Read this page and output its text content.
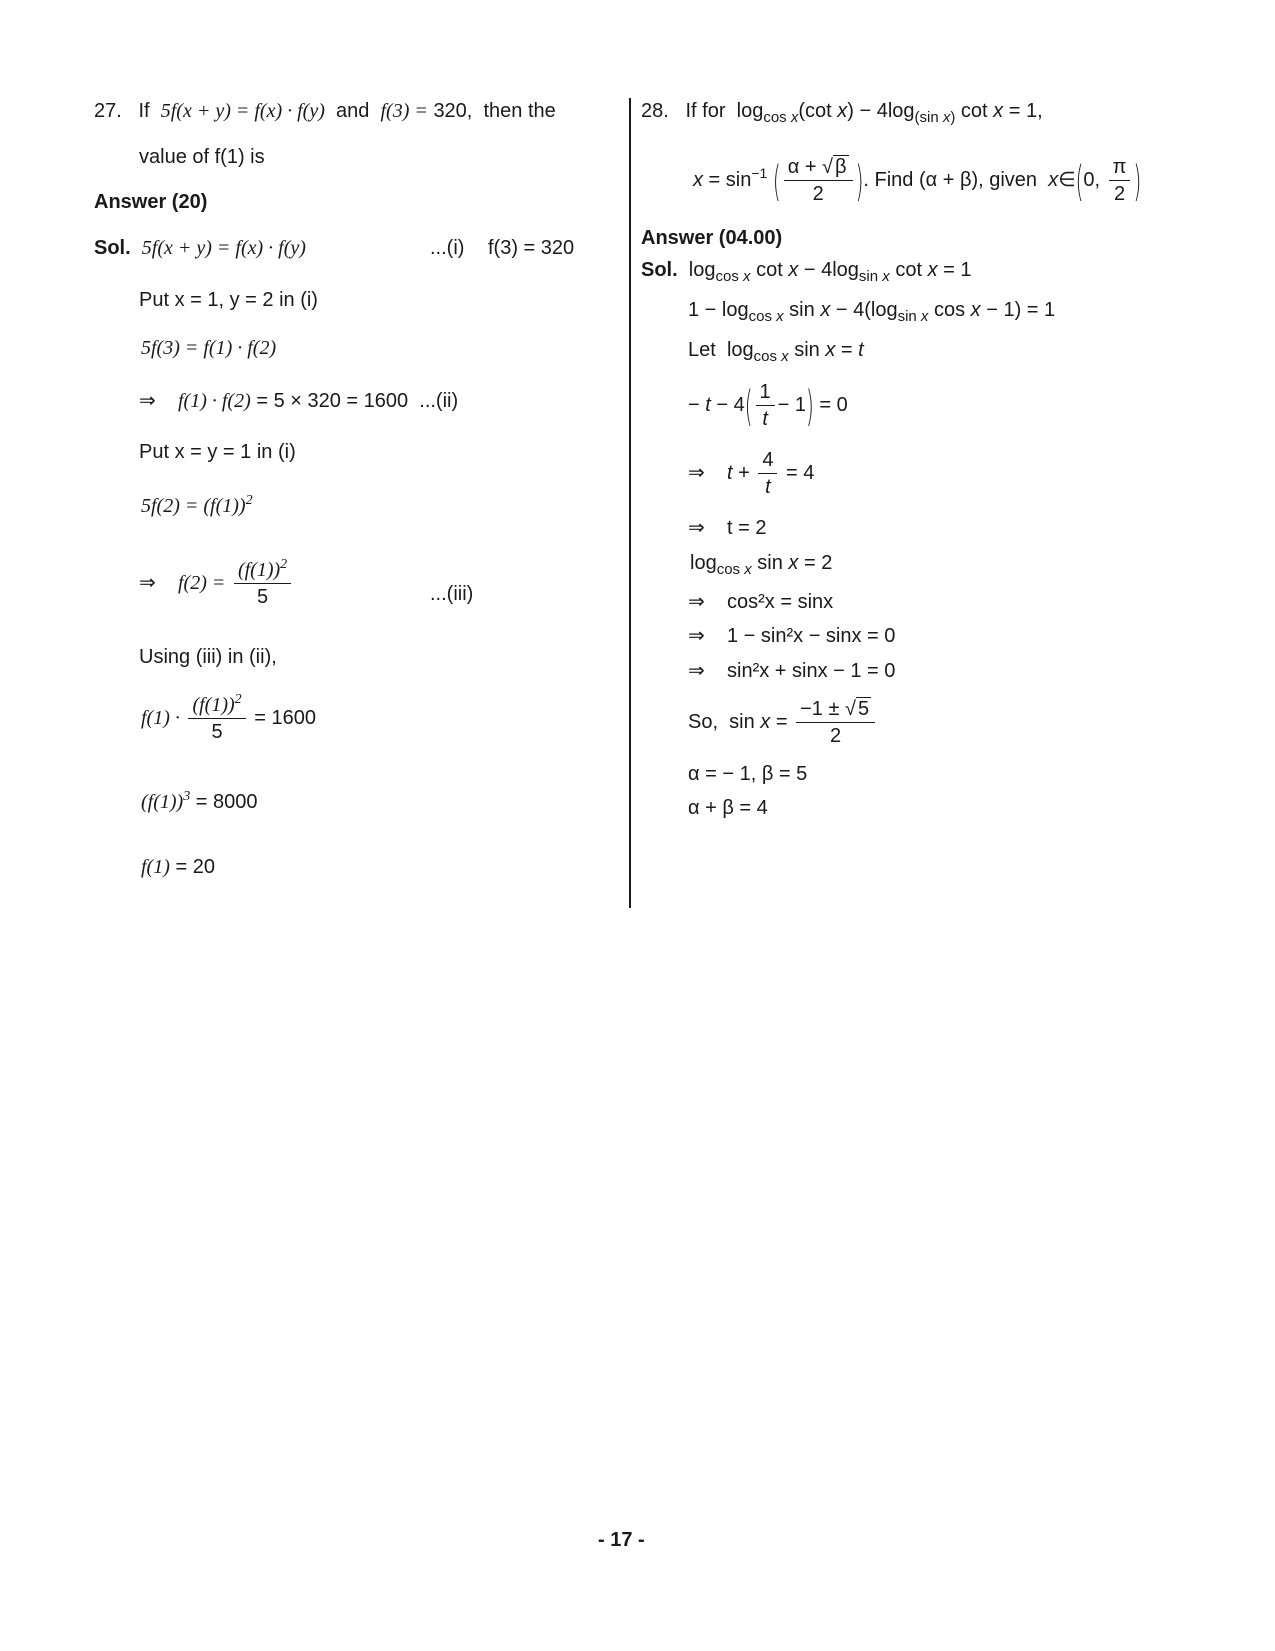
27. If 5f(x + y) = f(x) · f(y) and f(3) = 320, then the
value of f(1) is
Answer (20)
Sol. 5f(x + y) = f(x) · f(y)	...(i) f(3) = 320
Put x = 1, y = 2 in (i)
5f(3) = f(1) · f(2)
⇒ f(1) · f(2) = 5 × 320 = 1600 ...(ii)
Put x = y = 1 in (i)
$5f(2) = (f(1))^2$
⇒ $f(2) = \frac{(f(1))^2}{5}$	...(iii)
Using (iii) in (ii),
$f(1) \cdot \frac{(f(1))^2}{5} = 1600$
$(f(1))^3 = 8000$
f(1) = 20
28. If for $\log_{cos x}(\cot$ $x) - 4\log_{(sin x)}$ cot x = 1,
$x = \sin^{-1}$ ( $\frac{\alpha + √ \beta}{2}$ ). Find (α + β), given x∈(0, $\frac{\pi}{2}$ )
Answer (04.00)
Sol. $\log_{cos x} \cot x - 4\log_{sin x}$ cot x = 1
$1 - \log_{cos x} \sin x - 4(\log_{sin x}$ cos x − 1) = 1
Let $\log_{cos x} \sin x = t$
− $t - 4( \frac{1}{t} - 1) = 0$
⇒ $t + \frac{4}{t} = 4$
⇒ t = 2
$\log_{cos x} \sin x = 2$
⇒ cos²x = sinx
⇒ 1 − sin²x − sinx = 0
⇒ sin²x + sinx − 1 = 0
So, $\sin x = \frac{-1 \pm √ 5}{2}$
α = − 1, β = 5
α + β = 4
- 17 -
